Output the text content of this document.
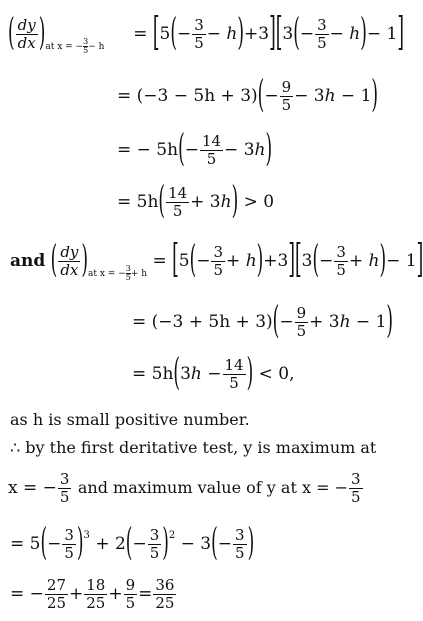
( $\frac{dy}{dx} )_{at x = - \frac{3}{5} - h} = [5(- \frac{3}{5} - h)+3][3(- \frac{3}{5} - h)- 1]$
= $(-3 - 5h + 3)(- \frac{9}{5} - 3h - 1)$
= − $5h(- \frac{14}{5} - 3h)$
= $5h( \frac{14}{5} + 3h) > 0$
and ( $\frac{dy}{dx} )_{at x = - \frac{3}{5} + h} = [5(- \frac{3}{5} + h)+3][3(- \frac{3}{5} + h)- 1]$
= $(-3 + 5h + 3)(- \frac{9}{5} + 3h - 1)$
= $5h(3h - \frac{14}{5}$ ) < 0,
as h is small positive number.
∴ by the first deritative test, y is maximum at
x = − $\frac{3}{5}$ and maximum value of y at x = − $\frac{3}{5}$
= $5(- \frac{3}{5} )^3 + 2(- \frac{3}{5} )^2 - 3(- \frac{3}{5}$ )
= − $\frac{27}{25} + \frac{18}{25} + \frac{9}{5} = \frac{36}{25}$
